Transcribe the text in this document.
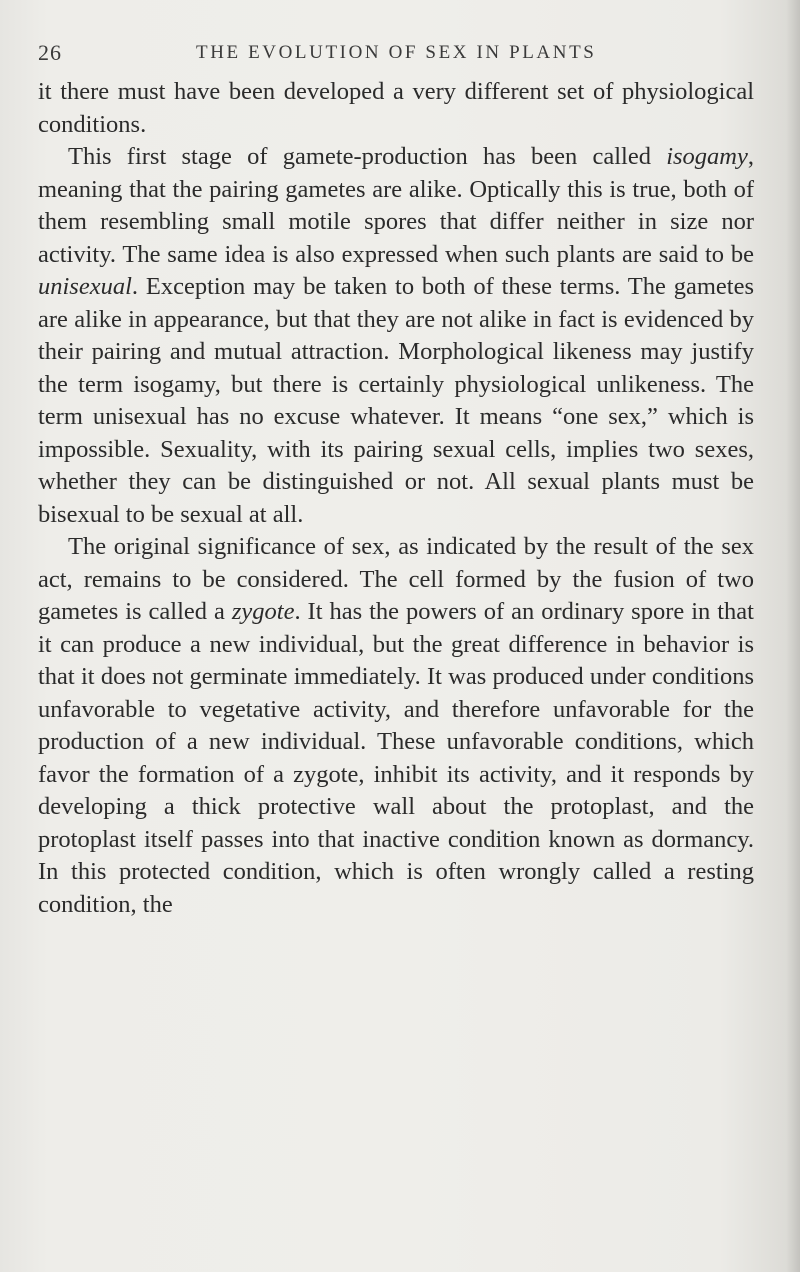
26	THE EVOLUTION OF SEX IN PLANTS

it there must have been developed a very different set of physiological conditions.

This first stage of gamete-production has been called isogamy, meaning that the pairing gametes are alike. Optically this is true, both of them resembling small motile spores that differ neither in size nor activity. The same idea is also expressed when such plants are said to be unisexual. Exception may be taken to both of these terms. The gametes are alike in appearance, but that they are not alike in fact is evidenced by their pairing and mutual attraction. Morphological likeness may justify the term isogamy, but there is certainly physiological unlikeness. The term unisexual has no excuse whatever. It means “one sex,” which is impossible. Sexuality, with its pairing sexual cells, implies two sexes, whether they can be distinguished or not. All sexual plants must be bisexual to be sexual at all.

The original significance of sex, as indicated by the result of the sex act, remains to be considered. The cell formed by the fusion of two gametes is called a zygote. It has the powers of an ordinary spore in that it can produce a new individual, but the great difference in behavior is that it does not germinate immediately. It was produced under conditions unfavorable to vegetative activity, and therefore unfavorable for the production of a new individual. These unfavorable conditions, which favor the formation of a zygote, inhibit its activity, and it responds by developing a thick protective wall about the protoplast, and the protoplast itself passes into that inactive condition known as dormancy. In this protected condition, which is often wrongly called a resting condition, the
